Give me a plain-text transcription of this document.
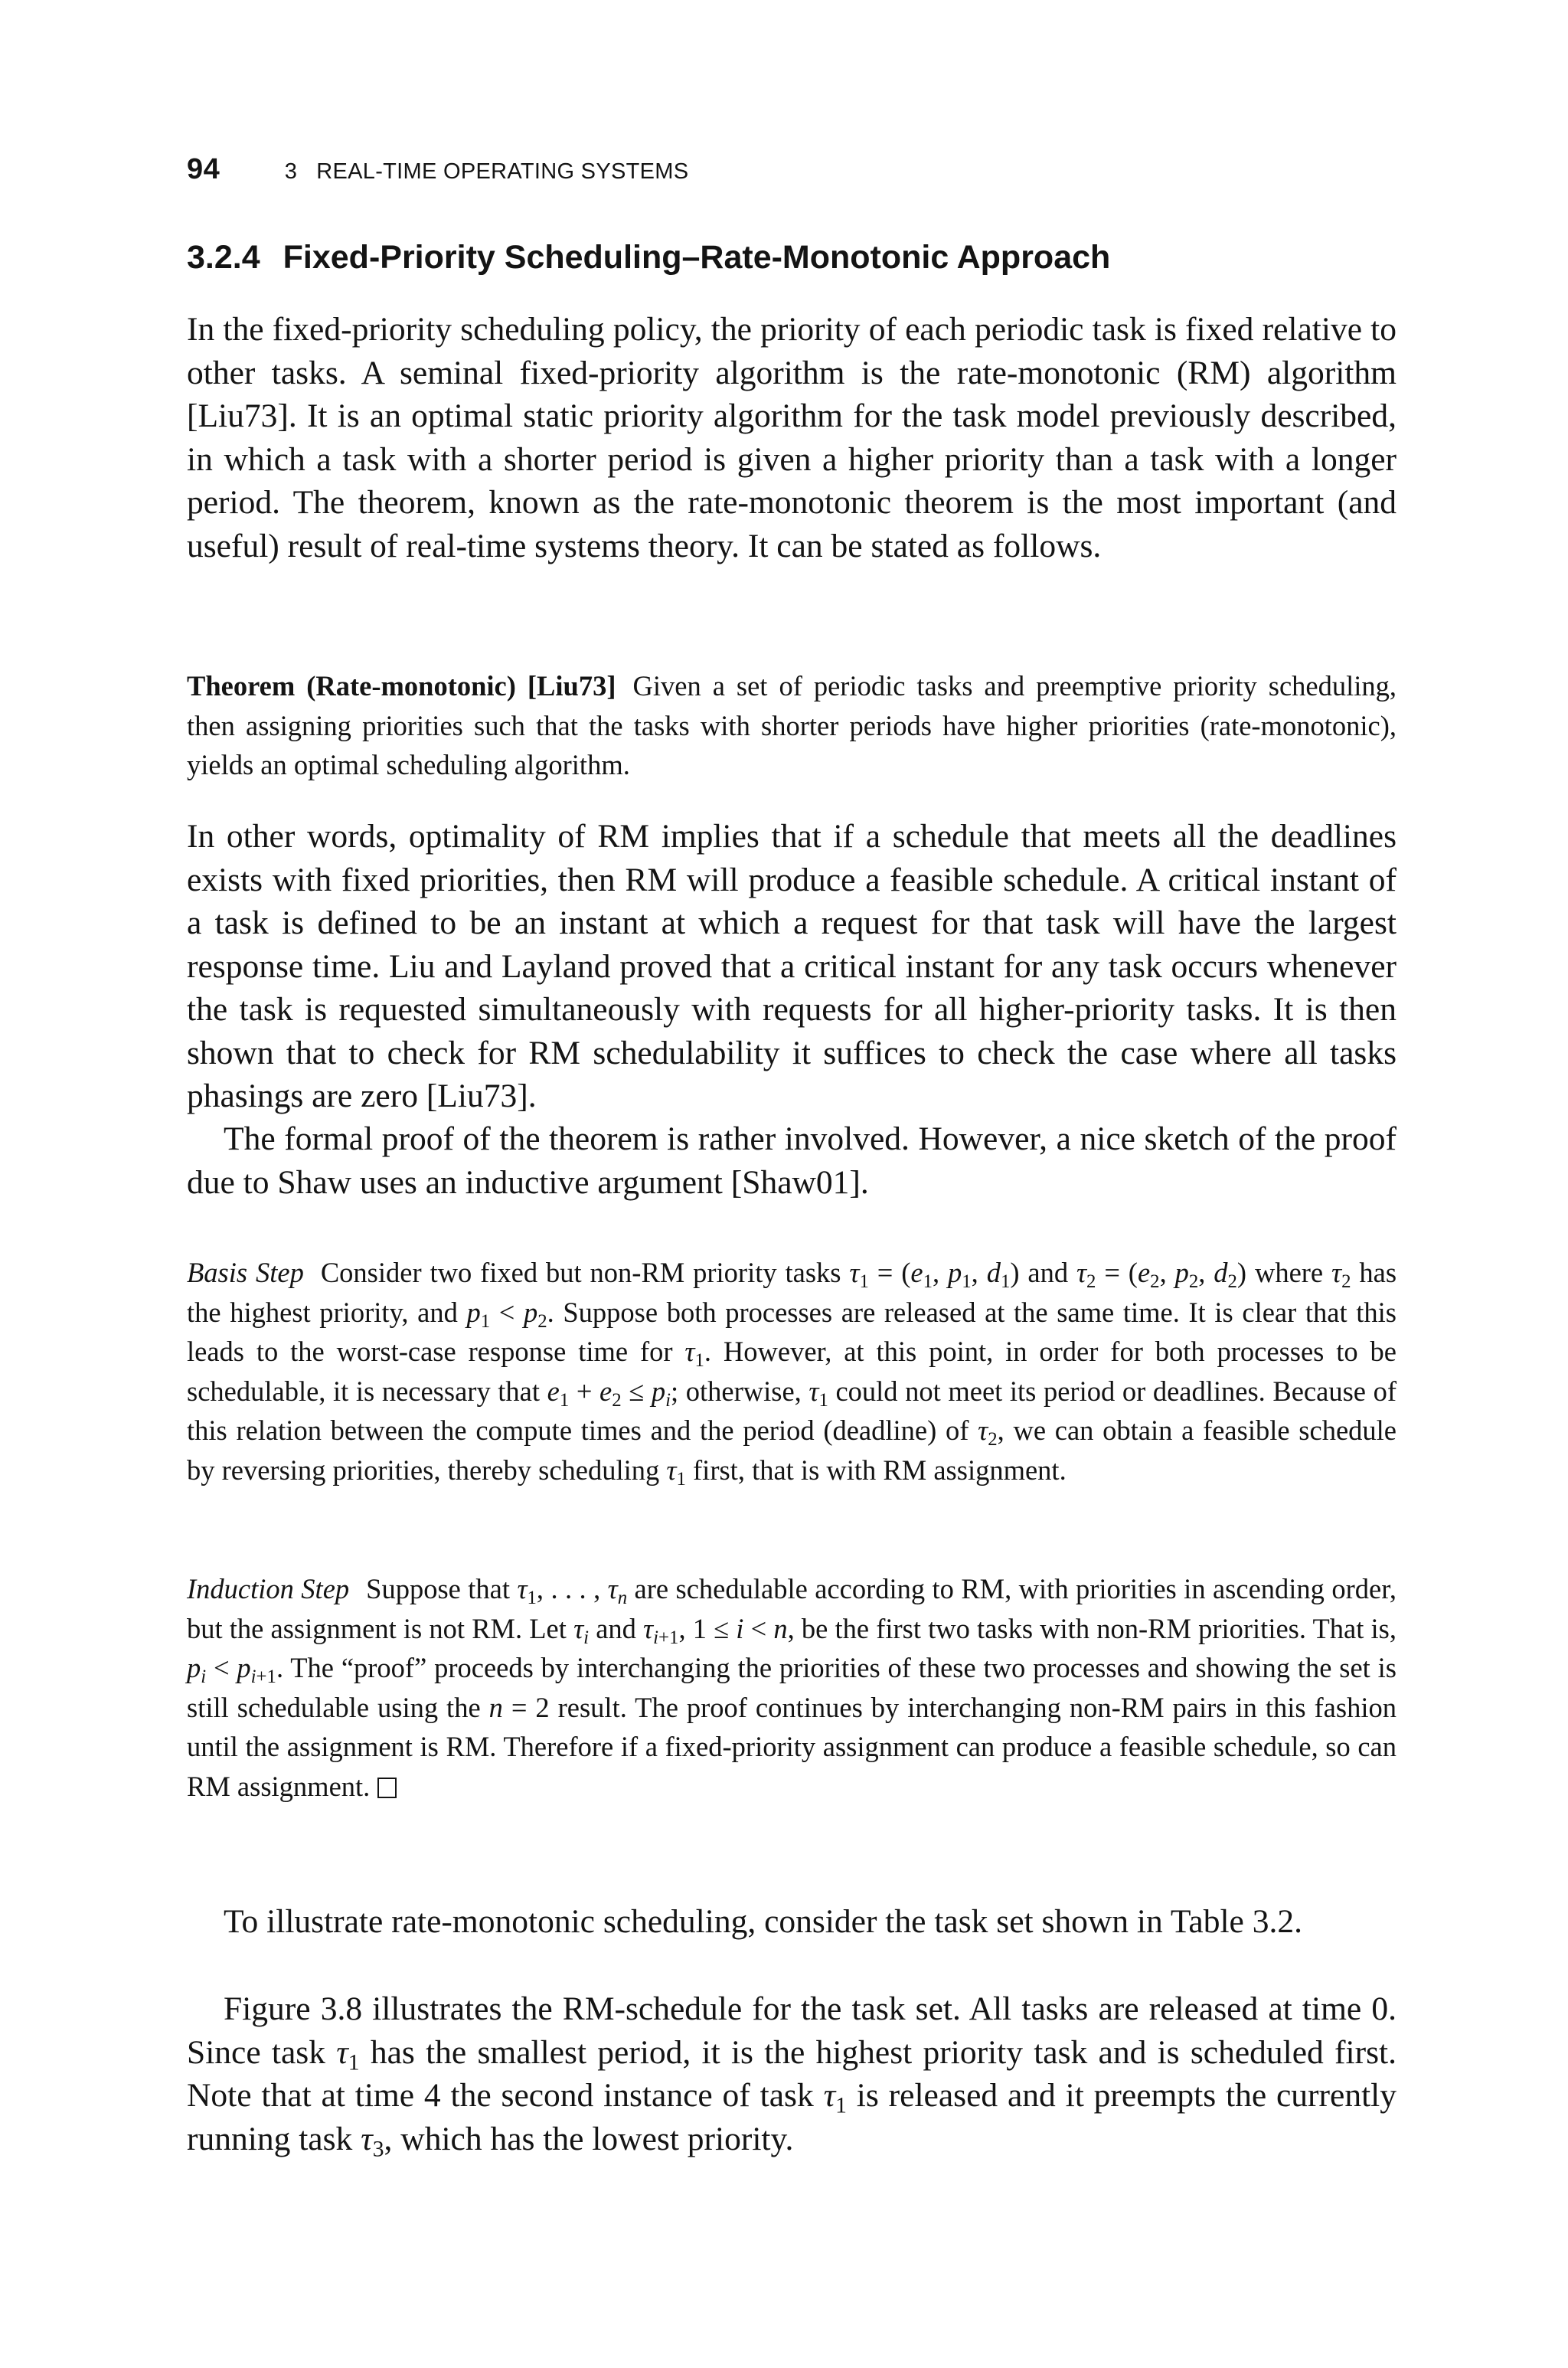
94	3   REAL-TIME OPERATING SYSTEMS
3.2.4 Fixed-Priority Scheduling–Rate-Monotonic Approach

In the fixed-priority scheduling policy, the priority of each periodic task is fixed relative to other tasks. A seminal fixed-priority algorithm is the rate-monotonic (RM) algorithm [Liu73]. It is an optimal static priority algorithm for the task model previously described, in which a task with a shorter period is given a higher priority than a task with a longer period. The theorem, known as the rate-monotonic theorem is the most important (and useful) result of real-time systems theory. It can be stated as follows.

Theorem (Rate-monotonic) [Liu73] Given a set of periodic tasks and preemptive priority scheduling, then assigning priorities such that the tasks with shorter periods have higher priorities (rate-monotonic), yields an optimal scheduling algorithm.

In other words, optimality of RM implies that if a schedule that meets all the deadlines exists with fixed priorities, then RM will produce a feasible schedule. A critical instant of a task is defined to be an instant at which a request for that task will have the largest response time. Liu and Layland proved that a critical instant for any task occurs whenever the task is requested simultaneously with requests for all higher-priority tasks. It is then shown that to check for RM schedulability it suffices to check the case where all tasks phasings are zero [Liu73].

The formal proof of the theorem is rather involved. However, a nice sketch of the proof due to Shaw uses an inductive argument [Shaw01].

Basis Step Consider two fixed but non-RM priority tasks $\tau_1 = (e_1$, $p_1$, $d_1$) and $\tau_2 = (e_2$, $p_2$, $d_2$) where $\tau_2$ has the highest priority, and $p_1 < p_2$. Suppose both processes are released at the same time. It is clear that this leads to the worst-case response time for $\tau_1$. However, at this point, in order for both processes to be schedulable, it is necessary that $e_1 + e_2 \le p_i$; otherwise, $\tau_1$ could not meet its period or deadlines. Because of this relation between the compute times and the period (deadline) of $\tau_2$, we can obtain a feasible schedule by reversing priorities, thereby scheduling $\tau_1$ first, that is with RM assignment.

Induction Step Suppose that $\tau_1$, . . . , $\tau_n$ are schedulable according to RM, with priorities in ascending order, but the assignment is not RM. Let $\tau_i$ and $\tau_{i+1}$, 1 ≤ i < n, be the first two tasks with non-RM priorities. That is, $p_i < p_{i+1}$. The “proof” proceeds by interchanging the priorities of these two processes and showing the set is still schedulable using the n = 2 result. The proof continues by interchanging non-RM pairs in this fashion until the assignment is RM. Therefore if a fixed-priority assignment can produce a feasible schedule, so can RM assignment.

To illustrate rate-monotonic scheduling, consider the task set shown in Table 3.2.

Figure 3.8 illustrates the RM-schedule for the task set. All tasks are released at time 0. Since task $\tau_1$ has the smallest period, it is the highest priority task and is scheduled first. Note that at time 4 the second instance of task $\tau_1$ is released and it preempts the currently running task $\tau_3$, which has the lowest priority.
